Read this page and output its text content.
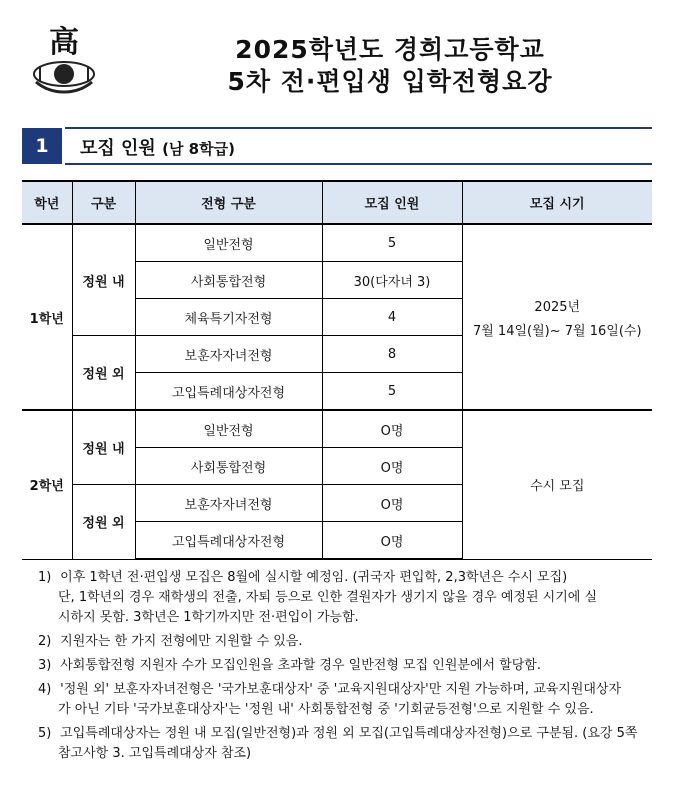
高	2025학년도 경희고등학교
5차 전·편입생 입학전형요강
1	모집 인원 (남 8학급)
학년	구분	전형 구분	모집 인원	모집 시기
1학년	정원 내	일반전형	5	2025년
7월 14일(월)~ 7월 16일(수)

		사회통합전형	30(다자녀 3)	
		체육특기자전형	4	
	정원 외	보훈자자녀전형	8	
		고입특례대상자전형	5	
2학년	정원 내	일반전형	O명	수시 모집
		사회통합전형	O명	
	정원 외	보훈자자녀전형	O명	
		고입특례대상자전형	O명	
1) 이후 1학년 전·편입생 모집은 8월에 실시할 예정임. (귀국자 편입학, 2,3학년은 수시 모집)
단, 1학년의 경우 재학생의 전출, 자퇴 등으로 인한 결원자가 생기지 않을 경우 예정된 시기에 실
시하지 못함. 3학년은 1학기까지만 전·편입이 가능함.
2) 지원자는 한 가지 전형에만 지원할 수 있음.
3) 사회통합전형 지원자 수가 모집인원을 초과할 경우 일반전형 모집 인원분에서 할당함.
4) '정원 외' 보훈자자녀전형은 '국가보훈대상자' 중 '교육지원대상자'만 지원 가능하며, 교육지원대상자
가 아닌 기타 '국가보훈대상자'는 '정원 내' 사회통합전형 중 '기회균등전형'으로 지원할 수 있음.
5) 고입특례대상자는 정원 내 모집(일반전형)과 정원 외 모집(고입특례대상자전형)으로 구분됨. (요강 5쪽
참고사항 3. 고입특례대상자 참조)
